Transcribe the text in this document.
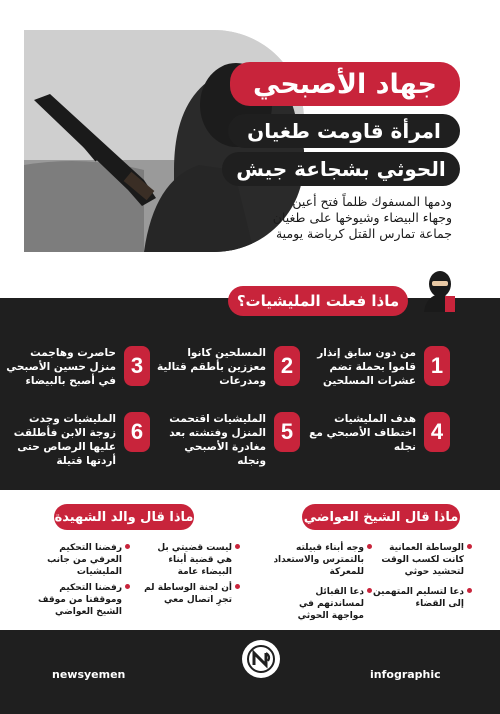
جهاد الأصبحي
امرأة قاومت طغيان
الحوثي بشجاعة جيش
ودمها المسفوك ظلماً فتح أعين وجهاء البيضاء وشيوخها على طغيان جماعة تمارس القتل كرياضة يومية
ماذا فعلت المليشيات؟
1
من دون سابق إنذار قاموا بحملة تضم عشرات المسلحين
2
المسلحين كانوا معززين بأطقم قتالية ومدرعات
3
حاصرت وهاجمت منزل حسين الأصبحي في أصبح بالبيضاء
4
هدف المليشيات اختطاف الأصبحي مع نجله
5
المليشيات اقتحمت المنزل وفتشته بعد مغادرة الأصبحي ونجله
6
المليشيات وجدت زوجة الابن فأطلقت عليها الرصاص حتى أردتها قتيلة
ماذا قال والد الشهيدة	ماذا قال الشيخ العواضي
ليست قضيتي بل هي قضية أبناء البيضاء عامة
رفضنا التحكيم العرفي من جانب المليشيات
أن لجنة الوساطة لم تجرِ اتصال معي
رفضنا التحكيم وموقفنا من موقف الشيخ العواضي
الوساطة العمانية كانت لكسب الوقت لتحشيد حوثي
وجه أبناء قبيلته بالتمترس والاستعداد للمعركة
دعا لتسليم المتهمين إلى القضاء
دعا القبائل لمساندتهم في مواجهة الحوثي
newsyemen	infographic
